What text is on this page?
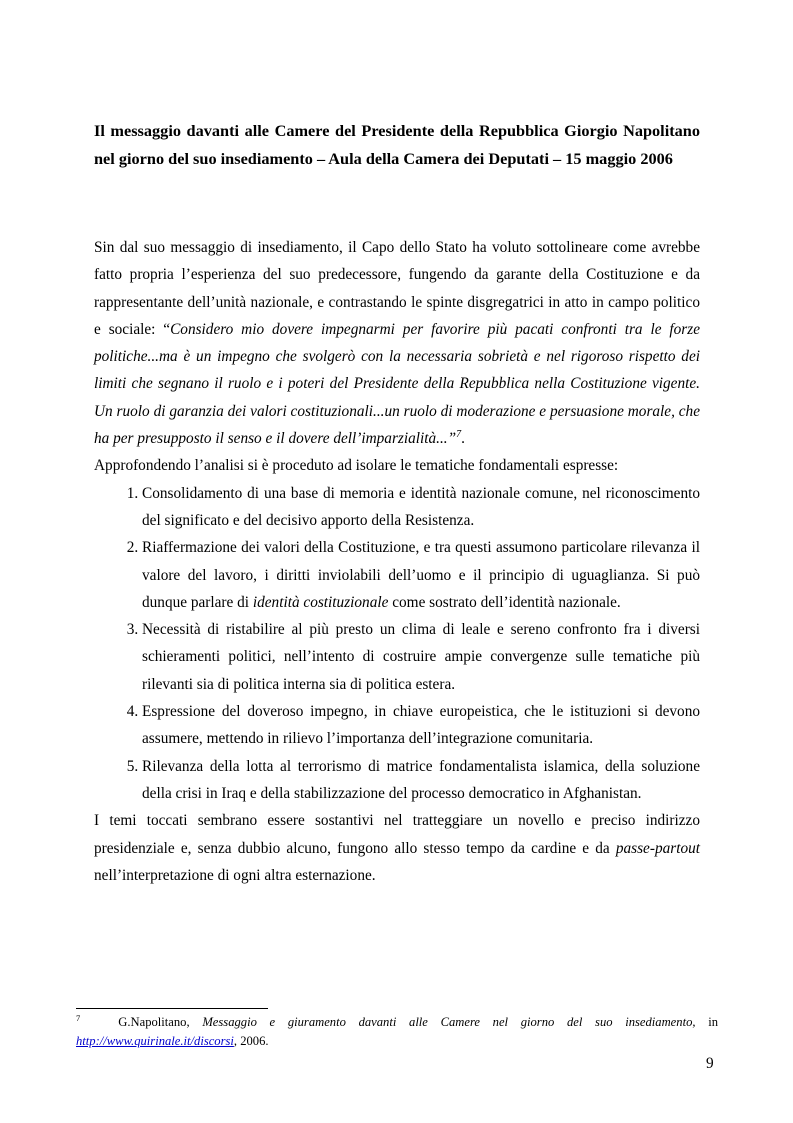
Il messaggio davanti alle Camere del Presidente della Repubblica Giorgio Napolitano nel giorno del suo insediamento – Aula della Camera dei Deputati – 15 maggio 2006

Sin dal suo messaggio di insediamento, il Capo dello Stato ha voluto sottolineare come avrebbe fatto propria l’esperienza del suo predecessore, fungendo da garante della Costituzione e da rappresentante dell’unità nazionale, e contrastando le spinte disgregatrici in atto in campo politico e sociale: “Considero mio dovere impegnarmi per favorire più pacati confronti tra le forze politiche...ma è un impegno che svolgerò con la necessaria sobrietà e nel rigoroso rispetto dei limiti che segnano il ruolo e i poteri del Presidente della Repubblica nella Costituzione vigente. Un ruolo di garanzia dei valori costituzionali...un ruolo di moderazione e persuasione morale, che ha per presupposto il senso e il dovere dell’imparzialità...”$^7$.

Approfondendo l’analisi si è proceduto ad isolare le tematiche fondamentali espresse:

1. Consolidamento di una base di memoria e identità nazionale comune, nel riconoscimento del significato e del decisivo apporto della Resistenza.
2. Riaffermazione dei valori della Costituzione, e tra questi assumono particolare rilevanza il valore del lavoro, i diritti inviolabili dell’uomo e il principio di uguaglianza. Si può dunque parlare di identità costituzionale come sostrato dell’identità nazionale.
3. Necessità di ristabilire al più presto un clima di leale e sereno confronto fra i diversi schieramenti politici, nell’intento di costruire ampie convergenze sulle tematiche più rilevanti sia di politica interna sia di politica estera.
4. Espressione del doveroso impegno, in chiave europeistica, che le istituzioni si devono assumere, mettendo in rilievo l’importanza dell’integrazione comunitaria.
5. Rilevanza della lotta al terrorismo di matrice fondamentalista islamica, della soluzione della crisi in Iraq e della stabilizzazione del processo democratico in Afghanistan.

I temi toccati sembrano essere sostantivi nel tratteggiare un novello e preciso indirizzo presidenziale e, senza dubbio alcuno, fungono allo stesso tempo da cardine e da passe-partout nell’interpretazione di ogni altra esternazione.

$^7$	G.Napolitano, Messaggio e giuramento davanti alle Camere nel giorno del suo insediamento, in http://www.quirinale.it/discorsi, 2006.
9
